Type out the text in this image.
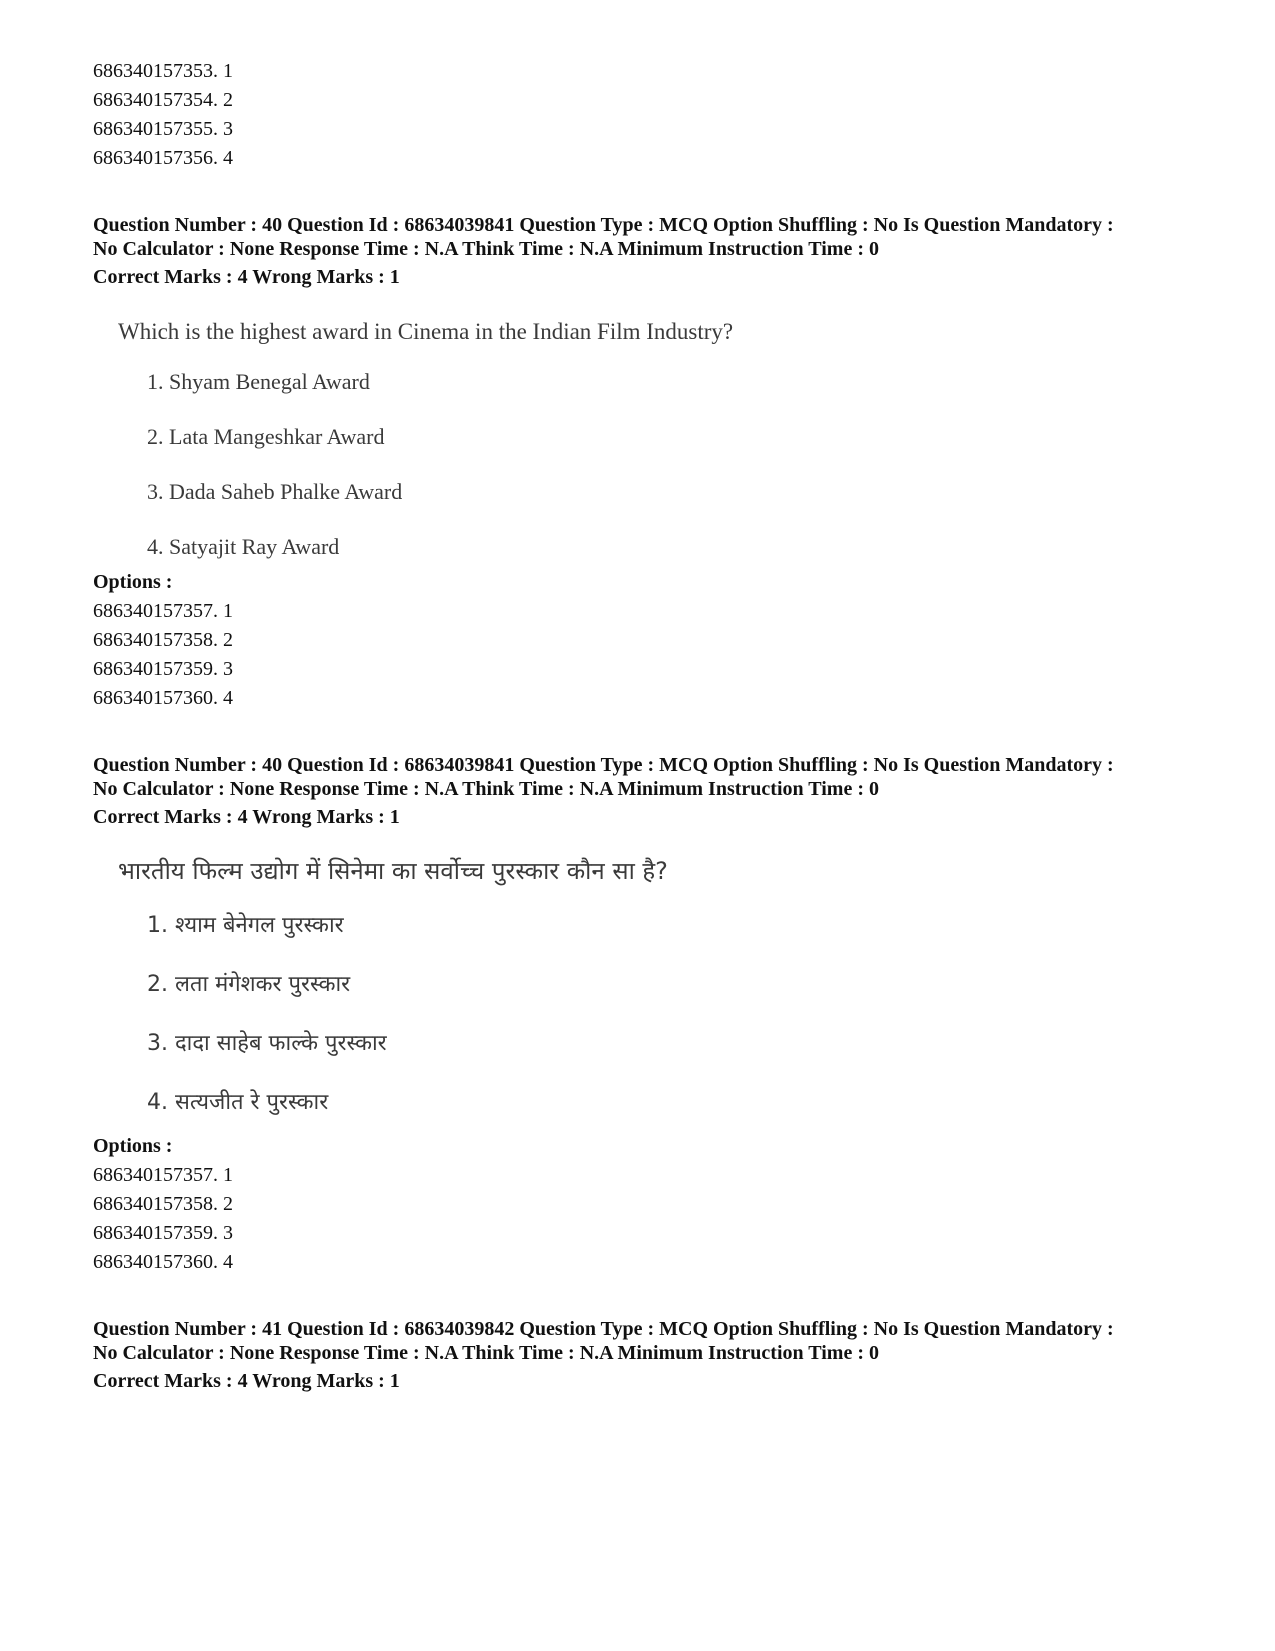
686340157353. 1
686340157354. 2
686340157355. 3
686340157356. 4
Question Number : 40 Question Id : 68634039841 Question Type : MCQ Option Shuffling : No Is Question Mandatory :
No Calculator : None Response Time : N.A Think Time : N.A Minimum Instruction Time : 0
Correct Marks : 4 Wrong Marks : 1
Which is the highest award in Cinema in the Indian Film Industry?
1. Shyam Benegal Award
2. Lata Mangeshkar Award
3. Dada Saheb Phalke Award
4. Satyajit Ray Award
Options :
686340157357. 1
686340157358. 2
686340157359. 3
686340157360. 4
Question Number : 40 Question Id : 68634039841 Question Type : MCQ Option Shuffling : No Is Question Mandatory :
No Calculator : None Response Time : N.A Think Time : N.A Minimum Instruction Time : 0
Correct Marks : 4 Wrong Marks : 1
भारतीय फिल्म उद्योग में सिनेमा का सर्वोच्च पुरस्कार कौन सा है?
1. श्याम बेनेगल पुरस्कार
2. लता मंगेशकर पुरस्कार
3. दादा साहेब फाल्के पुरस्कार
4. सत्यजीत रे पुरस्कार
Options :
686340157357. 1
686340157358. 2
686340157359. 3
686340157360. 4
Question Number : 41 Question Id : 68634039842 Question Type : MCQ Option Shuffling : No Is Question Mandatory :
No Calculator : None Response Time : N.A Think Time : N.A Minimum Instruction Time : 0
Correct Marks : 4 Wrong Marks : 1
